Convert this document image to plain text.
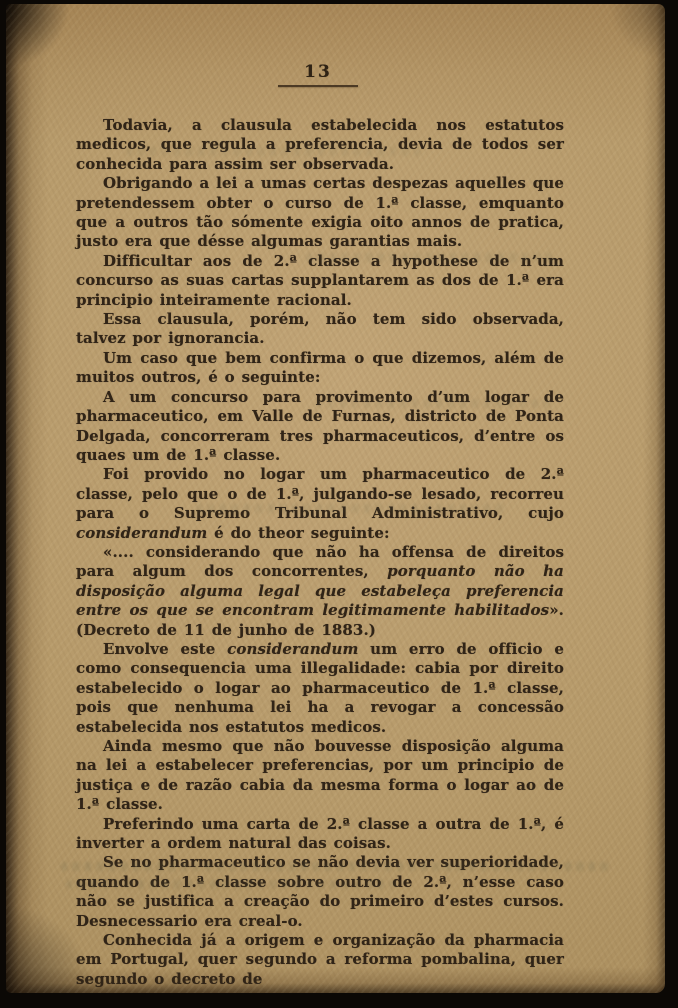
13

Todavia, a clausula estabelecida nos estatutos medicos, que regula a preferencia, devia de todos ser conhecida para assim ser observada.

Obrigando a lei a umas certas despezas aquelles que pretendessem obter o curso de 1.ª classe, emquanto que a outros tão sómente exigia oito annos de pratica, justo era que désse algumas garantias mais.

Difficultar aos de 2.ª classe a hypothese de n’um concurso as suas cartas supplantarem as dos de 1.ª era principio inteiramente racional.

Essa clausula, porém, não tem sido observada, talvez por ignorancia.

Um caso que bem confirma o que dizemos, além de muitos outros, é o seguinte:

A um concurso para provimento d’um logar de pharmaceutico, em Valle de Furnas, districto de Ponta Delgada, concorreram tres pharmaceuticos, d’entre os quaes um de 1.ª classe.

Foi provido no logar um pharmaceutico de 2.ª classe, pelo que o de 1.ª, julgando-se lesado, recorreu para o Supremo Tribunal Administrativo, cujo considerandum é do theor seguinte:

«.... considerando que não ha offensa de direitos para algum dos concorrentes, porquanto não ha disposição alguma legal que estabeleça preferencia entre os que se encontram legitimamente habilitados». (Decreto de 11 de junho de 1883.)

Envolve este considerandum um erro de officio e como consequencia uma illegalidade: cabia por direito estabelecido o logar ao pharmaceutico de 1.ª classe, pois que nenhuma lei ha a revogar a concessão estabelecida nos estatutos medicos.

Ainda mesmo que não bouvesse disposição alguma na lei a estabelecer preferencias, por um principio de justiça e de razão cabia da mesma forma o logar ao de 1.ª classe.

Preferindo uma carta de 2.ª classe a outra de 1.ª, é inverter a ordem natural das coisas.

Se no pharmaceutico se não devia ver superioridade, quando de 1.ª classe sobre outro de 2.ª, n’esse caso não se justifica a creação do primeiro d’estes cursos. Desnecessario era creal-o.

Conhecida já a origem e organização da pharmacia em Portugal, quer segundo a reforma pombalina, quer segundo o decreto de
